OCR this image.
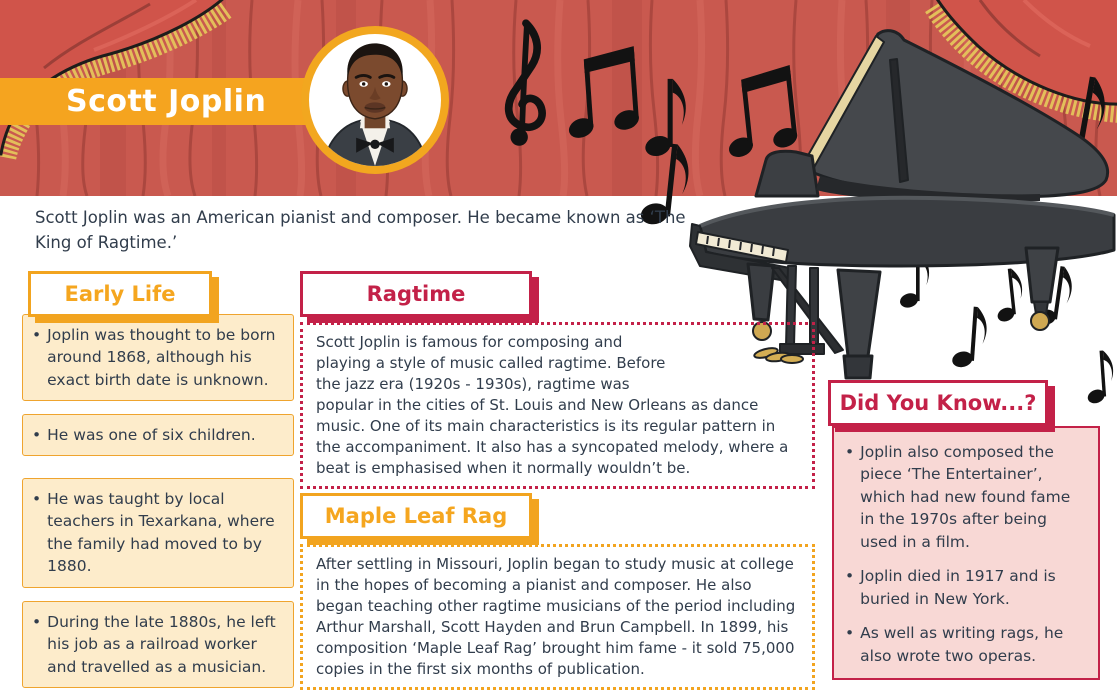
Scott Joplin

Scott Joplin was an American pianist and composer. He became known as ‘The King of Ragtime.’

Early Life
• Joplin was thought to be born around 1868, although his exact birth date is unknown.
• He was one of six children.
• He was taught by local teachers in Texarkana, where the family had moved to by 1880.
• During the late 1880s, he left his job as a railroad worker and travelled as a musician.
Scott Joplin is famous for composing and playing a style of music called ragtime. Before the jazz era (1920s - 1930s), ragtime was popular in the cities of St. Louis and New Orleans as dance music. One of its main characteristics is its regular pattern in the accompaniment. It also has a syncopated melody, where a beat is emphasised when it normally wouldn’t be.
Ragtime
After settling in Missouri, Joplin began to study music at college in the hopes of becoming a pianist and composer. He also began teaching other ragtime musicians of the period including Arthur Marshall, Scott Hayden and Brun Campbell. In 1899, his composition ‘Maple Leaf Rag’ brought him fame - it sold 75,000 copies in the first six months of publication.
Maple Leaf Rag
• Joplin also composed the piece ‘The Entertainer’, which had new found fame in the 1970s after being used in a film.
• Joplin died in 1917 and is buried in New York.
• As well as writing rags, he also wrote two operas.
Did You Know...?
